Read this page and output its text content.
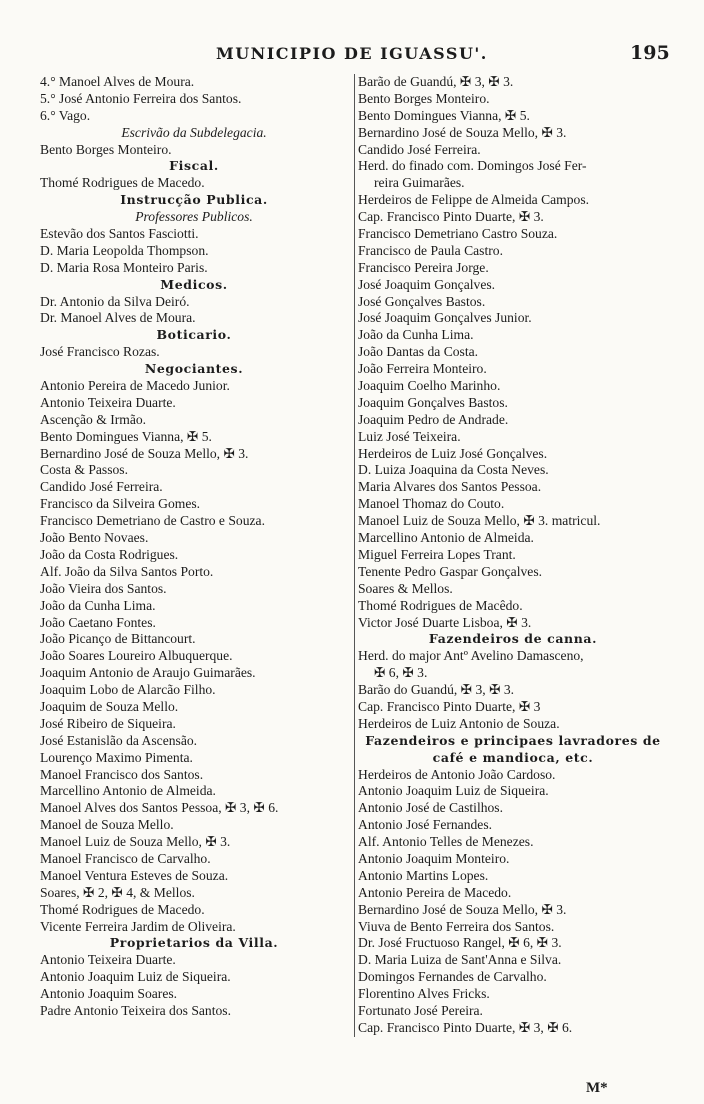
MUNICIPIO DE IGUASSU'.	195
4.° Manoel Alves de Moura.
5.° José Antonio Ferreira dos Santos.
6.° Vago.
Escrivão da Subdelegacia.
Bento Borges Monteiro.
Fiscal.
Thomé Rodrigues de Macedo.
Instrucção Publica.
Professores Publicos.
Estevão dos Santos Fasciotti.
D. Maria Leopolda Thompson.
D. Maria Rosa Monteiro Paris.
Medicos.
Dr. Antonio da Silva Deiró.
Dr. Manoel Alves de Moura.
Boticario.
José Francisco Rozas.
Negociantes.
Antonio Pereira de Macedo Junior.
Antonio Teixeira Duarte.
Ascenção & Irmão.
Bento Domingues Vianna, ✠ 5.
Bernardino José de Souza Mello, ✠ 3.
Costa & Passos.
Candido José Ferreira.
Francisco da Silveira Gomes.
Francisco Demetriano de Castro e Souza.
João Bento Novaes.
João da Costa Rodrigues.
Alf. João da Silva Santos Porto.
João Vieira dos Santos.
João da Cunha Lima.
João Caetano Fontes.
João Picanço de Bittancourt.
João Soares Loureiro Albuquerque.
Joaquim Antonio de Araujo Guimarães.
Joaquim Lobo de Alarcão Filho.
Joaquim de Souza Mello.
José Ribeiro de Siqueira.
José Estanislão da Ascensão.
Lourenço Maximo Pimenta.
Manoel Francisco dos Santos.
Marcellino Antonio de Almeida.
Manoel Alves dos Santos Pessoa, ✠ 3, ✠ 6.
Manoel de Souza Mello.
Manoel Luiz de Souza Mello, ✠ 3.
Manoel Francisco de Carvalho.
Manoel Ventura Esteves de Souza.
Soares, ✠ 2, ✠ 4, & Mellos.
Thomé Rodrigues de Macedo.
Vicente Ferreira Jardim de Oliveira.
Proprietarios da Villa.
Antonio Teixeira Duarte.
Antonio Joaquim Luiz de Siqueira.
Antonio Joaquim Soares.
Padre Antonio Teixeira dos Santos.
Barão de Guandú, ✠ 3, ✠ 3.
Bento Borges Monteiro.
Bento Domingues Vianna, ✠ 5.
Bernardino José de Souza Mello, ✠ 3.
Candido José Ferreira.
Herd. do finado com. Domingos José Fer-
reira Guimarães.
Herdeiros de Felippe de Almeida Campos.
Cap. Francisco Pinto Duarte, ✠ 3.
Francisco Demetriano Castro Souza.
Francisco de Paula Castro.
Francisco Pereira Jorge.
José Joaquim Gonçalves.
José Gonçalves Bastos.
José Joaquim Gonçalves Junior.
João da Cunha Lima.
João Dantas da Costa.
João Ferreira Monteiro.
Joaquim Coelho Marinho.
Joaquim Gonçalves Bastos.
Joaquim Pedro de Andrade.
Luiz José Teixeira.
Herdeiros de Luiz José Gonçalves.
D. Luiza Joaquina da Costa Neves.
Maria Alvares dos Santos Pessoa.
Manoel Thomaz do Couto.
Manoel Luiz de Souza Mello, ✠ 3. matricul.
Marcellino Antonio de Almeida.
Miguel Ferreira Lopes Trant.
Tenente Pedro Gaspar Gonçalves.
Soares & Mellos.
Thomé Rodrigues de Macêdo.
Victor José Duarte Lisboa, ✠ 3.
Fazendeiros de canna.
Herd. do major Antº Avelino Damasceno,
✠ 6, ✠ 3.
Barão do Guandú, ✠ 3, ✠ 3.
Cap. Francisco Pinto Duarte, ✠ 3
Herdeiros de Luiz Antonio de Souza.
Fazendeiros e principaes lavradores de
café e mandioca, etc.
Herdeiros de Antonio João Cardoso.
Antonio Joaquim Luiz de Siqueira.
Antonio José de Castilhos.
Antonio José Fernandes.
Alf. Antonio Telles de Menezes.
Antonio Joaquim Monteiro.
Antonio Martins Lopes.
Antonio Pereira de Macedo.
Bernardino José de Souza Mello, ✠ 3.
Viuva de Bento Ferreira dos Santos.
Dr. José Fructuoso Rangel, ✠ 6, ✠ 3.
D. Maria Luiza de Sant'Anna e Silva.
Domingos Fernandes de Carvalho.
Florentino Alves Fricks.
Fortunato José Pereira.
Cap. Francisco Pinto Duarte, ✠ 3, ✠ 6.
M*
